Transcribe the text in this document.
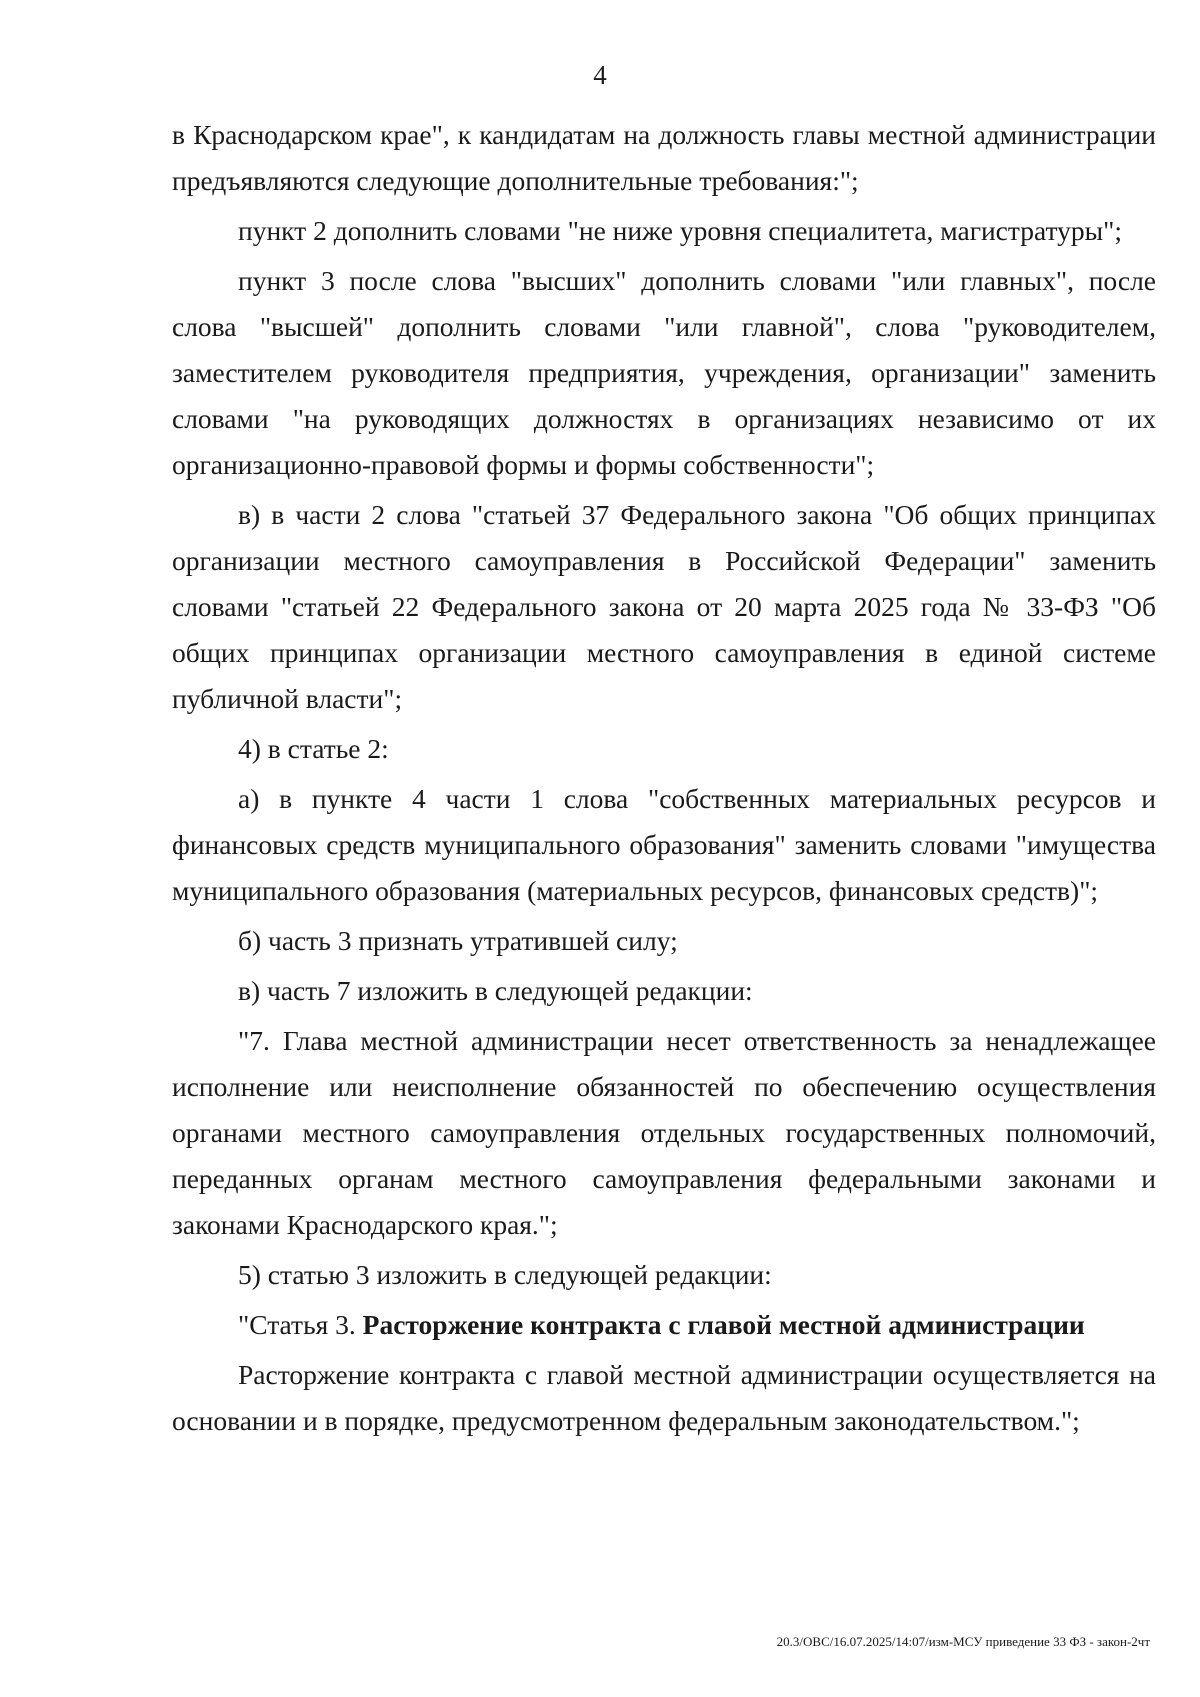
4

в Краснодарском крае", к кандидатам на должность главы местной администрации предъявляются следующие дополнительные требования:";

пункт 2 дополнить словами "не ниже уровня специалитета, магистратуры";

пункт 3 после слова "высших" дополнить словами "или главных", после слова "высшей" дополнить словами "или главной", слова "руководителем, заместителем руководителя предприятия, учреждения, организации" заменить словами "на руководящих должностях в организациях независимо от их организационно-правовой формы и формы собственности";

в) в части 2 слова "статьей 37 Федерального закона "Об общих принципах организации местного самоуправления в Российской Федерации" заменить словами "статьей 22 Федерального закона от 20 марта 2025 года № 33-ФЗ "Об общих принципах организации местного самоуправления в единой системе публичной власти";

4) в статье 2:

а) в пункте 4 части 1 слова "собственных материальных ресурсов и финансовых средств муниципального образования" заменить словами "имущества муниципального образования (материальных ресурсов, финансовых средств)";

б) часть 3 признать утратившей силу;

в) часть 7 изложить в следующей редакции:

"7. Глава местной администрации несет ответственность за ненадлежащее исполнение или неисполнение обязанностей по обеспечению осуществления органами местного самоуправления отдельных государственных полномочий, переданных органам местного самоуправления федеральными законами и законами Краснодарского края.";

5) статью 3 изложить в следующей редакции:

"Статья 3. Расторжение контракта с главой местной администрации

Расторжение контракта с главой местной администрации осуществляется на основании и в порядке, предусмотренном федеральным законодательством.";

20.3/ОВС/16.07.2025/14:07/изм-МСУ приведение 33 ФЗ - закон-2чт
